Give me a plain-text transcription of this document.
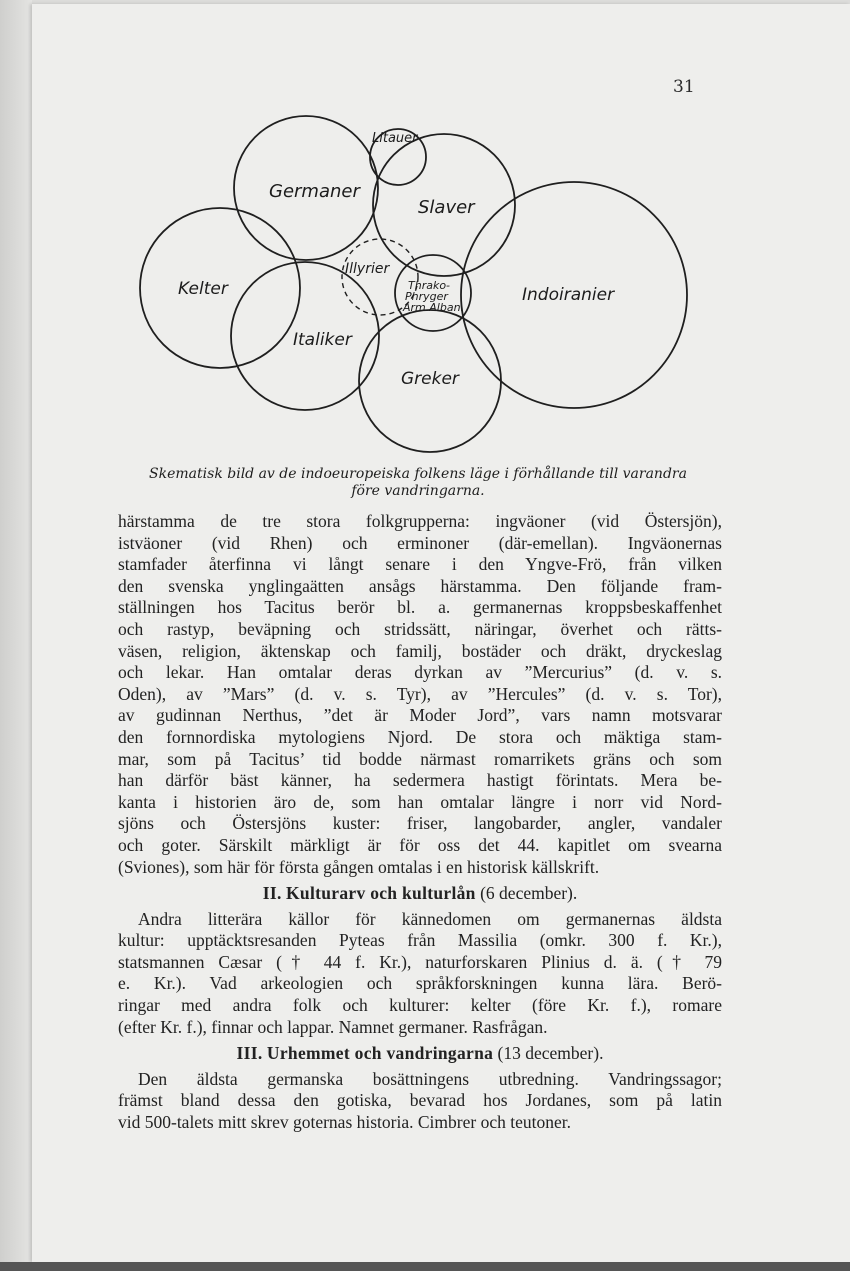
31
Litauer
Germaner
Slaver
Illyrier
Thrako-
Phryger
Arm.Alban.
Kelter	Indoiranier
Italiker
Greker
Skematisk bild av de indoeuropeiska folkens läge i förhållande till varandra
före vandringarna.
härstamma de tre stora folkgrupperna: ingväoner (vid Östersjön),
istväoner (vid Rhen) och erminoner (där-emellan). Ingväonernas
stamfader återfinna vi långt senare i den Yngve-Frö, från vilken
den svenska ynglingaätten ansågs härstamma. Den följande fram-
ställningen hos Tacitus berör bl. a. germanernas kroppsbeskaffenhet
och rastyp, beväpning och stridssätt, näringar, överhet och rätts-
väsen, religion, äktenskap och familj, bostäder och dräkt, dryckeslag
och lekar. Han omtalar deras dyrkan av ”Mercurius” (d. v. s.
Oden), av ”Mars” (d. v. s. Tyr), av ”Hercules” (d. v. s. Tor),
av gudinnan Nerthus, ”det är Moder Jord”, vars namn motsvarar
den fornnordiska mytologiens Njord. De stora och mäktiga stam-
mar, som på Tacitus’ tid bodde närmast romarrikets gräns och som
han därför bäst känner, ha sedermera hastigt förintats. Mera be-
kanta i historien äro de, som han omtalar längre i norr vid Nord-
sjöns och Östersjöns kuster: friser, langobarder, angler, vandaler
och goter. Särskilt märkligt är för oss det 44. kapitlet om svearna
(Sviones), som här för första gången omtalas i en historisk källskrift.
II. Kulturarv och kulturlån (6 december).
Andra litterära källor för kännedomen om germanernas äldsta
kultur: upptäcktsresanden Pyteas från Massilia (omkr. 300 f. Kr.),
statsmannen Cæsar († 44 f. Kr.), naturforskaren Plinius d. ä. († 79
e. Kr.). Vad arkeologien och språkforskningen kunna lära. Berö-
ringar med andra folk och kulturer: kelter (före Kr. f.), romare
(efter Kr. f.), finnar och lappar. Namnet germaner. Rasfrågan.
III. Urhemmet och vandringarna (13 december).
Den äldsta germanska bosättningens utbredning. Vandringssagor;
främst bland dessa den gotiska, bevarad hos Jordanes, som på latin
vid 500-talets mitt skrev goternas historia. Cimbrer och teutoner.
